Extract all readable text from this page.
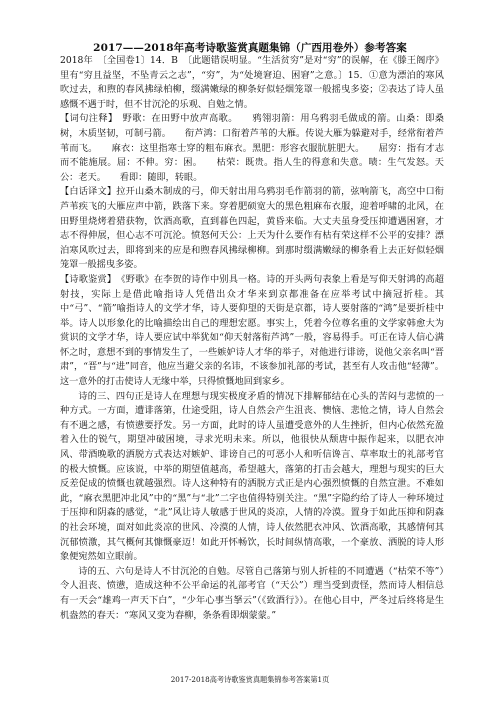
2017——2018年高考诗歌鉴赏真题集锦（广西用卷外）参考答案

2018年　〔全国卷1〕14．B　〔此题错误明显。“生活贫穷”是对“穷”的误解，在《滕王阁序》里有“穷且益坚，不坠青云之志”，“穷”，为“处境窘迫、困窘”之意。〕15．①意为漂泊的寒风吹过去，和煦的春风拂绿柏柳，缀满嫩绿的柳条好似轻烟笼罩一般摇曳多姿；②表达了诗人虽感慨不遇于时，但不甘沉沦的乐观、自勉之情。

【词句注释】　野歌：在田野中放声高歌。　　鸦翎羽箭：用乌鸦羽毛做成的箭。山桑：即桑树，木质坚韧，可制弓箭。　　衔芦鸿：口衔着芦苇的大雁。传说大雁为躲避对手，经常衔着芦苇而飞。　　麻衣：这里指寒士穿的粗布麻衣。黑肥：形容衣服肮脏肥大。　　屈穷：指有才志而不能施展。屈：不伸。穷：困。　　枯荣：既贵。指人生的得意和失意。啧：生气发怒。天公：老天。　　看即：随即，转眼。

【白话译文】拉开山桑木制成的弓，仰天射出用乌鸦羽毛作箭羽的箭，弦响箭飞，高空中口衔芦苇疾飞的大雁应声中箭，跌落下来。穿着肥硕宽大的黑色粗麻布衣服，迎着呼啸的北风，在田野里烧烤着猎获物，饮酒高歌，直到暮色四起，黄昏来临。大丈夫虽身受压抑遭遇困窘，才志不得伸展，但心志不可沉沦。愤怒何天公：上天为什么要作有枯有荣这样不公平的安排？漂泊寒风吹过去，即将到来的应是和煦春风拂绿柳柳。到那时缀满嫩绿的柳条看上去正好似轻烟笼罩一般摇曳多姿。

【诗歌鉴赏】　《野歌》在李贺的诗作中别具一格。诗的开头两句表象上看是写仰天射鸿的高超射技，实际上是借此喻指诗人凭借出众才华来到京都准备在应举考试中摘冠折桂。其中“弓”、“箭”喻指诗人的文学才华，诗人要仰望的天街是京都，诗人要射落的“鸿”是要折桂中举。诗人以形象化的比喻描绘出自己的理想宏愿。事实上，凭着今位尊名重的文学家韩愈大为赏识的文学才华，诗人要应试中举犹如“仰天射落衔芦鸿”一般，容易得手。可正在诗人信心满怀之时，意想不到的事情发生了，一些嫉妒诗人才华的举子，对他进行诽谤，说他父亲名叫“晋肃”，“晋”与“进”同音，他应当避父亲的名讳，不该参加礼部的考试，甚至有人攻击他“轻薄”。这一意外的打击使诗人无缘中举，只得愤慨地回到家乡。

诗的三、四句正是诗人在理想与现实极度矛盾的情况下排解郁结在心头的苦闷与悲愤的一种方式。一方面，遭诽落第，仕途受阻，诗人自然会产生沮丧、懊恼、悲怆之情，诗人自然会有不遇之感，有愤懑要抒发。另一方面，此时的诗人虽遭受意外的人生挫折，但内心依然充盈着入仕的锐气，期望冲破困境，寻求光明未来。所以，他很快从颓唐中振作起来，以肥衣冲风、带酒晚歌的洒脱方式表达对嫉妒、诽谤自己的可恶小人和听信谗言、草率取士的礼部考官的极大愤慨。应该说，中举的期望值越高，希望越大，落第的打击会越大，理想与现实的巨大反差促成的愤慨也就越强烈。诗人这种特有的洒脱方式正是内心强烈愤慨的自然宣泄。不难如此，“麻衣黑肥冲北风”中的“黑”与“北”二字也值得特别关注。“黑”字隐约给了诗人一种环境过于压抑和阴森的感觉，“北”风让诗人敏感于世风的炎凉，人情的冷漠。置身于如此压抑和阴森的社会环境，面对如此炎凉的世风、冷漠的人情，诗人依然肥衣冲风、饮酒高歌，其感情何其沉郁愤激，其气概何其慷慨豪迈！如此开怀畅饮，长时间纵情高歌，一个豪放、洒脱的诗人形象便宛然如立眼前。

诗的五、六句是诗人不甘沉沦的自勉。尽管自己落第与别人折桂的不同遭遇（“枯荣不等”）令人沮丧、愤懑，造成这种不公平命运的礼部考官（“天公”）理当受到责怪，然而诗人相信总有一天会“雄鸡一声天下白”，“少年心事当拏云”（《致酒行》）。在他心目中，严冬过后终将是生机盎然的春天：“寒风又变为春柳，条条看即烟蒙蒙。”

2017-2018高考诗歌鉴赏真题集锦参考答案第1页
